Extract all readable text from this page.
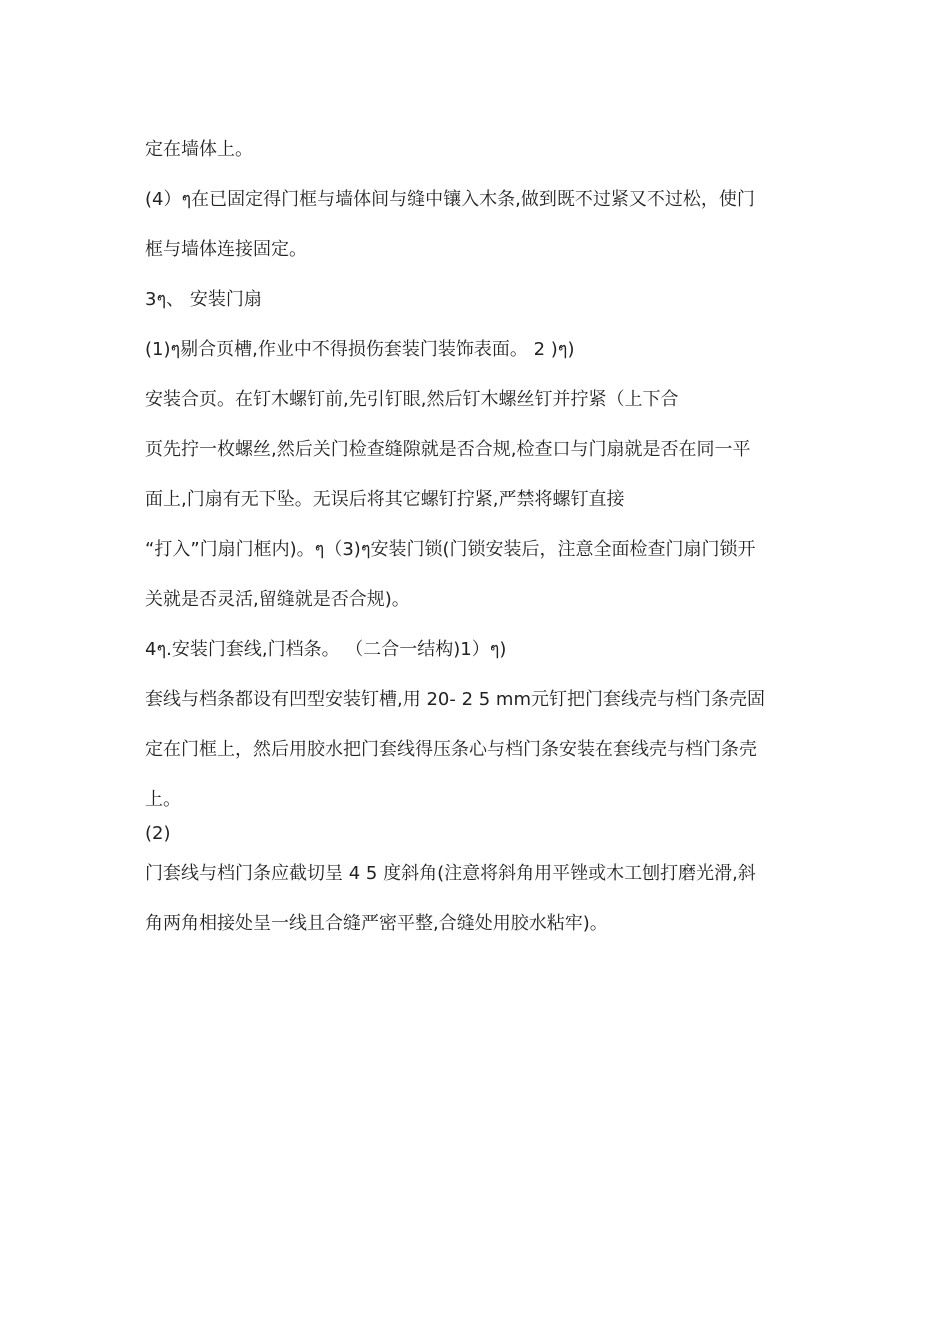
定在墙体上。
(4）ๆ在已固定得门框与墙体间与缝中镶入木条,做到既不过紧又不过松，使门
框与墙体连接固定。
3ๆ、 安装门扇
(1)ๆ剔合页槽,作业中不得损伤套装门装饰表面。 2 )ๆ)
安装合页。在钉木螺钉前,先引钉眼,然后钉木螺丝钉并拧紧（上下合
页先拧一枚螺丝,然后关门检查缝隙就是否合规,检查口与门扇就是否在同一平
面上,门扇有无下坠。无误后将其它螺钉拧紧,严禁将螺钉直接
“打入”门扇门框内)。ๆ（3)ๆ安装门锁(门锁安装后，注意全面检查门扇门锁开
关就是否灵活,留缝就是否合规)。
4ๆ.安装门套线,门档条。 （二合一结构)1）ๆ)
套线与档条都设有凹型安装钉槽,用 20- 2 5 mm元钉把门套线壳与档门条壳固
定在门框上，然后用胶水把门套线得压条心与档门条安装在套线壳与档门条壳
上。
(2)
门套线与档门条应截切呈 4 5 度斜角(注意将斜角用平锉或木工刨打磨光滑,斜
角两角相接处呈一线且合缝严密平整,合缝处用胶水粘牢)。
